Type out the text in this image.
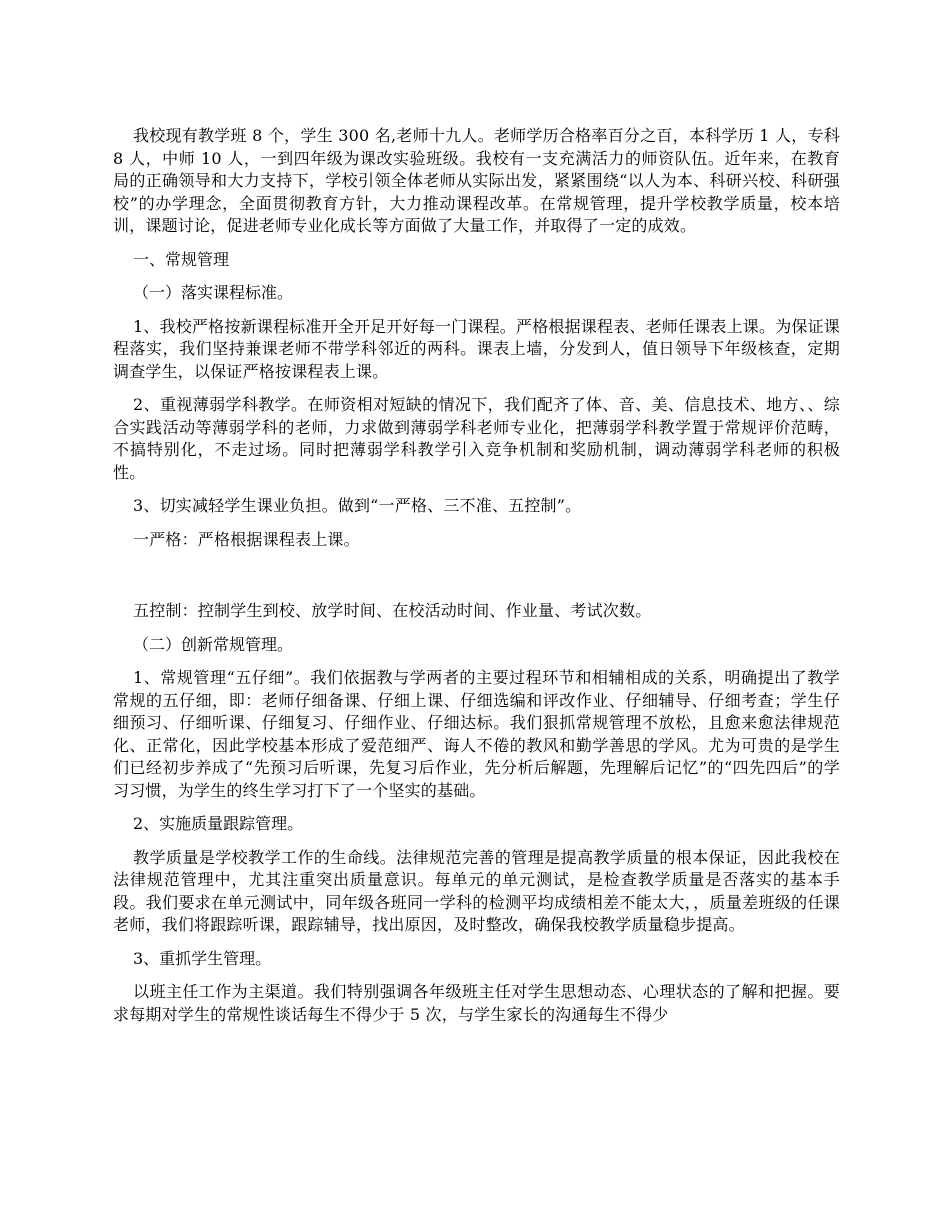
我校现有教学班 8 个，学生 300 名,老师十九人。老师学历合格率百分之百，本科学历 1 人，专科 8 人，中师 10 人，一到四年级为课改实验班级。我校有一支充满活力的师资队伍。近年来，在教育局的正确领导和大力支持下，学校引领全体老师从实际出发，紧紧围绕“以人为本、科研兴校、科研强校”的办学理念，全面贯彻教育方针，大力推动课程改革。在常规管理，提升学校教学质量，校本培训，课题讨论，促进老师专业化成长等方面做了大量工作，并取得了一定的成效。

一、常规管理

（一）落实课程标准。

1、我校严格按新课程标准开全开足开好每一门课程。严格根据课程表、老师任课表上课。为保证课程落实，我们坚持兼课老师不带学科邻近的两科。课表上墙，分发到人，值日领导下年级核查，定期调查学生，以保证严格按课程表上课。

2、重视薄弱学科教学。在师资相对短缺的情况下，我们配齐了体、音、美、信息技术、地方、、综合实践活动等薄弱学科的老师，力求做到薄弱学科老师专业化，把薄弱学科教学置于常规评价范畴，不搞特别化，不走过场。同时把薄弱学科教学引入竞争机制和奖励机制，调动薄弱学科老师的积极性。

3、切实减轻学生课业负担。做到“一严格、三不准、五控制”。

一严格：严格根据课程表上课。

五控制：控制学生到校、放学时间、在校活动时间、作业量、考试次数。

（二）创新常规管理。

1、常规管理“五仔细”。我们依据教与学两者的主要过程环节和相辅相成的关系，明确提出了教学常规的五仔细，即：老师仔细备课、仔细上课、仔细选编和评改作业、仔细辅导、仔细考查；学生仔细预习、仔细听课、仔细复习、仔细作业、仔细达标。我们狠抓常规管理不放松，且愈来愈法律规范化、正常化，因此学校基本形成了爱范细严、诲人不倦的教风和勤学善思的学风。尤为可贵的是学生们已经初步养成了“先预习后听课，先复习后作业，先分析后解题，先理解后记忆”的“四先四后”的学习习惯，为学生的终生学习打下了一个坚实的基础。

2、实施质量跟踪管理。

教学质量是学校教学工作的生命线。法律规范完善的管理是提高教学质量的根本保证，因此我校在法律规范管理中，尤其注重突出质量意识。每单元的单元测试，是检查教学质量是否落实的基本手段。我们要求在单元测试中，同年级各班同一学科的检测平均成绩相差不能太大，，质量差班级的任课老师，我们将跟踪听课，跟踪辅导，找出原因，及时整改，确保我校教学质量稳步提高。

3、重抓学生管理。

以班主任工作为主渠道。我们特别强调各年级班主任对学生思想动态、心理状态的了解和把握。要求每期对学生的常规性谈话每生不得少于 5 次，与学生家长的沟通每生不得少
